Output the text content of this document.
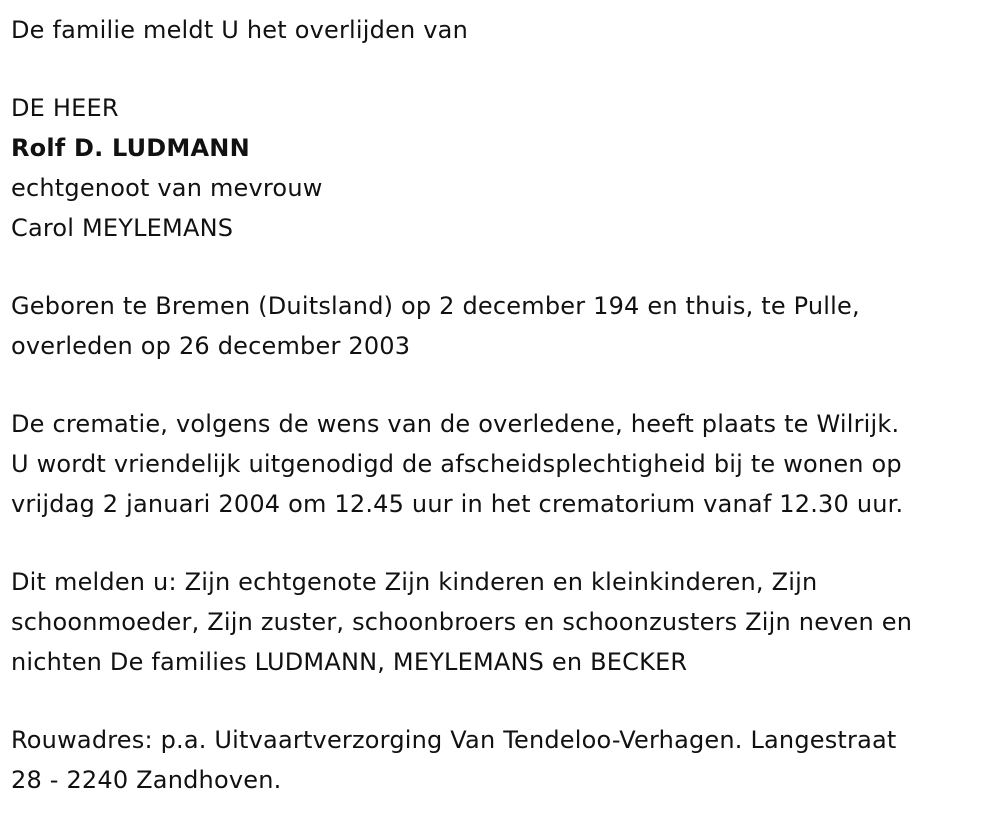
De familie meldt U het overlijden van

DE HEER

Rolf D. LUDMANN

echtgenoot van mevrouw

Carol MEYLEMANS

Geboren te Bremen (Duitsland) op 2 december 194 en thuis, te Pulle,

overleden op 26 december 2003

De crematie, volgens de wens van de overledene, heeft plaats te Wilrijk.

U wordt vriendelijk uitgenodigd de afscheidsplechtigheid bij te wonen op

vrijdag 2 januari 2004 om 12.45 uur in het crematorium vanaf 12.30 uur.

Dit melden u: Zijn echtgenote Zijn kinderen en kleinkinderen, Zijn

schoonmoeder, Zijn zuster, schoonbroers en schoonzusters Zijn neven en

nichten De families LUDMANN, MEYLEMANS en BECKER

Rouwadres: p.a. Uitvaartverzorging Van Tendeloo-Verhagen. Langestraat

28 - 2240 Zandhoven.
